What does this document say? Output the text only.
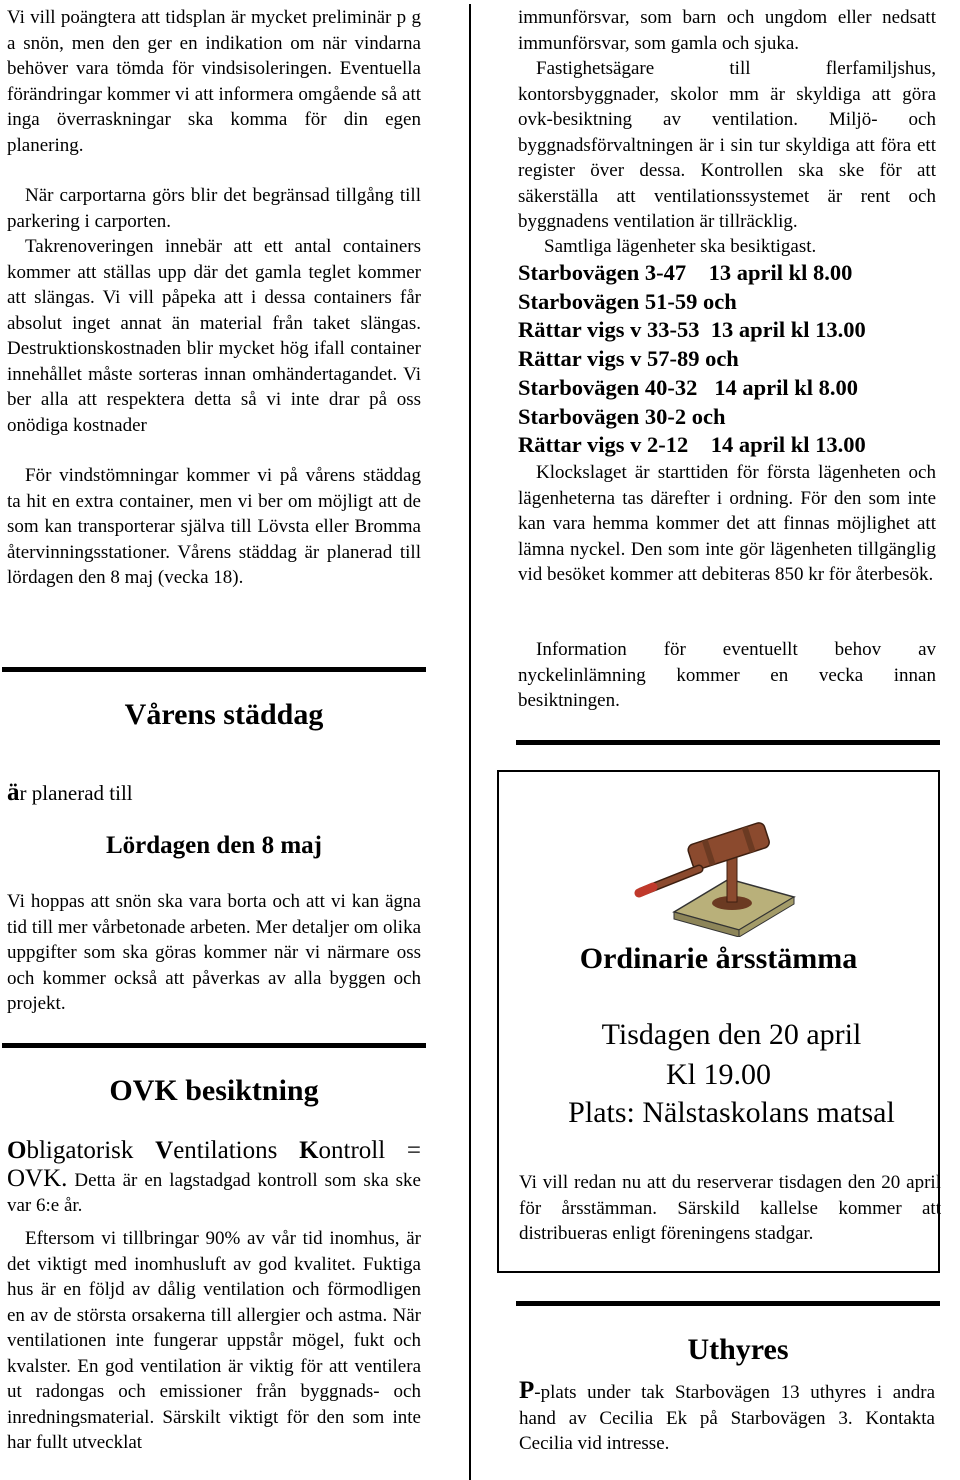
Vi vill poängtera att tidsplan är mycket preliminär p g a snön, men den ger en indikation om när vindarna behöver vara tömda för vindsisoleringen. Eventuella förändringar kommer vi att informera omgående så att inga överraskningar ska komma för din egen planering.

När carportarna görs blir det begränsad tillgång till parkering i carporten.

Takrenoveringen innebär att ett antal containers kommer att ställas upp där det gamla teglet kommer att slängas. Vi vill påpeka att i dessa containers får absolut inget annat än material från taket slängas. Destruktionskostnaden blir mycket hög ifall container innehållet måste sorteras innan omhändertagandet. Vi ber alla att respektera detta så vi inte drar på oss onödiga kostnader

För vindstömningar kommer vi på vårens städdag ta hit en extra container, men vi ber om möjligt att de som kan transporterar själva till Lövsta eller Bromma återvinningsstationer. Vårens städdag är planerad till lördagen den 8 maj (vecka 18).

Vårens städdag
är planerad till
Lördagen den 8 maj

Vi hoppas att snön ska vara borta och att vi kan ägna tid till mer vårbetonade arbeten. Mer detaljer om olika uppgifter som ska göras kommer när vi närmare oss och kommer också att påverkas av alla byggen och projekt.

OVK besiktning

Obligatorisk Ventilations Kontroll = OVK. Detta är en lagstadgad kontroll som ska ske var 6:e år.

Eftersom vi tillbringar 90% av vår tid inomhus, är det viktigt med inomhusluft av god kvalitet. Fuktiga hus är en följd av dålig ventilation och förmodligen en av de största orsakerna till allergier och astma. När ventilationen inte fungerar uppstår mögel, fukt och kvalster. En god ventilation är viktig för att ventilera ut radongas och emissioner från byggnads- och inredningsmaterial. Särskilt viktigt för den som inte har fullt utvecklat

immunförsvar, som barn och ungdom eller nedsatt immunförsvar, som gamla och sjuka.

Fastighetsägare till flerfamiljshus, kontorsbyggnader, skolor mm är skyldiga att göra ovk-besiktning av ventilation. Miljö- och byggnadsförvaltningen är i sin tur skyldiga att föra ett register över dessa. Kontrollen ska ske för att säkerställa att ventilationssystemet är rent och byggnadens ventilation är tillräcklig.

Samtliga lägenheter ska besiktigast.

Starbovägen 3-47    13 april kl 8.00

Starbovägen 51-59 och

Rättar vigs v 33-53  13 april kl 13.00

Rättar vigs v 57-89 och

Starbovägen 40-32   14 april kl 8.00

Starbovägen 30-2 och

Rättar vigs v 2-12    14 april kl 13.00

Klockslaget är starttiden för första lägenheten och lägenheterna tas därefter i ordning. För den som inte kan vara hemma kommer det att finnas möjlighet att lämna nyckel. Den som inte gör lägenheten tillgänglig vid besöket kommer att debiteras 850 kr för återbesök.

Information för eventuellt behov av nyckelinlämning kommer en vecka innan besiktningen.

Ordinarie årsstämma
Tisdagen den 20 april
Kl 19.00
Plats: Nälstaskolans matsal

Vi vill redan nu att du reserverar tisdagen den 20 april för årsstämman. Särskild kallelse kommer att distribueras enligt föreningens stadgar.

Uthyres

P-plats under tak Starbovägen 13 uthyres i andra hand av Cecilia Ek på Starbovägen 3. Kontakta Cecilia vid intresse.
